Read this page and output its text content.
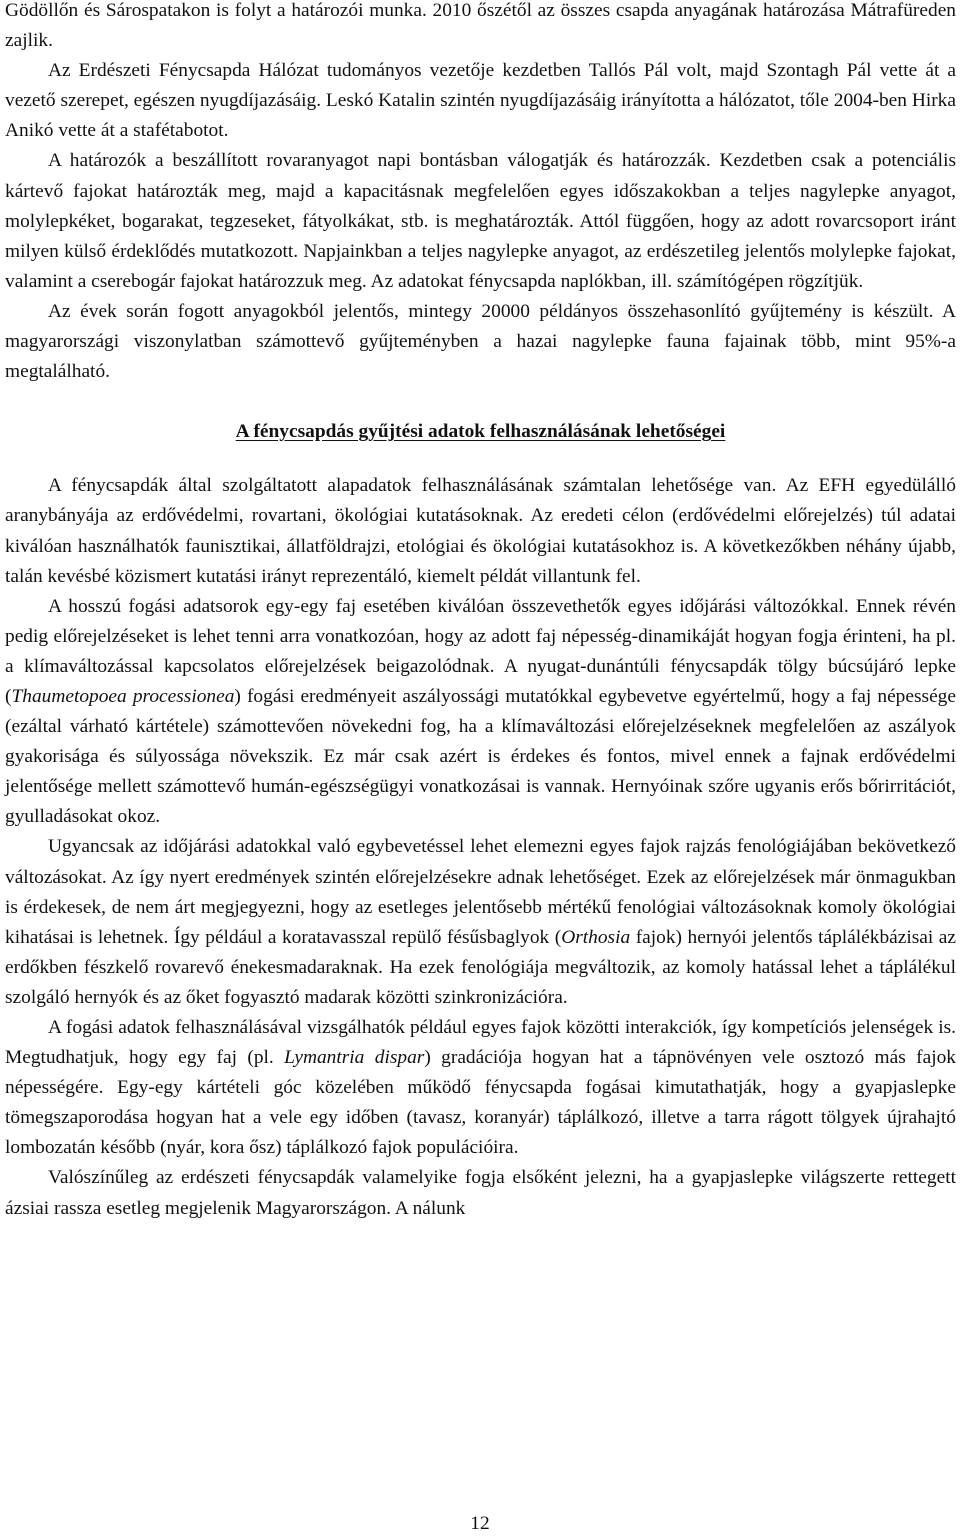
Gödöllőn és Sárospatakon is folyt a határozói munka. 2010 őszétől az összes csapda anyagának határozása Mátrafüreden zajlik.

Az Erdészeti Fénycsapda Hálózat tudományos vezetője kezdetben Tallós Pál volt, majd Szontagh Pál vette át a vezető szerepet, egészen nyugdíjazásáig. Leskó Katalin szintén nyugdíjazásáig irányította a hálózatot, tőle 2004-ben Hirka Anikó vette át a stafétabotot.

A határozók a beszállított rovaranyagot napi bontásban válogatják és határozzák. Kezdetben csak a potenciális kártevő fajokat határozták meg, majd a kapacitásnak megfelelően egyes időszakokban a teljes nagylepke anyagot, molylepkéket, bogarakat, tegzeseket, fátyolkákat, stb. is meghatározták. Attól függően, hogy az adott rovarcsoport iránt milyen külső érdeklődés mutatkozott. Napjainkban a teljes nagylepke anyagot, az erdészetileg jelentős molylepke fajokat, valamint a cserebogár fajokat határozzuk meg. Az adatokat fénycsapda naplókban, ill. számítógépen rögzítjük.

Az évek során fogott anyagokból jelentős, mintegy 20000 példányos összehasonlító gyűjtemény is készült. A magyarországi viszonylatban számottevő gyűjteményben a hazai nagylepke fauna fajainak több, mint 95%-a megtalálható.

A fénycsapdás gyűjtési adatok felhasználásának lehetőségei

A fénycsapdák által szolgáltatott alapadatok felhasználásának számtalan lehetősége van. Az EFH egyedülálló aranybányája az erdővédelmi, rovartani, ökológiai kutatásoknak. Az eredeti célon (erdővédelmi előrejelzés) túl adatai kiválóan használhatók faunisztikai, állatföldrajzi, etológiai és ökológiai kutatásokhoz is. A következőkben néhány újabb, talán kevésbé közismert kutatási irányt reprezentáló, kiemelt példát villantunk fel.

A hosszú fogási adatsorok egy-egy faj esetében kiválóan összevethetők egyes időjárási változókkal. Ennek révén pedig előrejelzéseket is lehet tenni arra vonatkozóan, hogy az adott faj népesség-dinamikáját hogyan fogja érinteni, ha pl. a klímaváltozással kapcsolatos előrejelzések beigazolódnak. A nyugat-dunántúli fénycsapdák tölgy búcsújáró lepke (Thaumetopoea processionea) fogási eredményeit aszályossági mutatókkal egybevetve egyértelmű, hogy a faj népessége (ezáltal várható kártétele) számottevően növekedni fog, ha a klímaváltozási előrejelzéseknek megfelelően az aszályok gyakorisága és súlyossága növekszik. Ez már csak azért is érdekes és fontos, mivel ennek a fajnak erdővédelmi jelentősége mellett számottevő humán-egészségügyi vonatkozásai is vannak. Hernyóinak szőre ugyanis erős bőrirritációt, gyulladásokat okoz.

Ugyancsak az időjárási adatokkal való egybevetéssel lehet elemezni egyes fajok rajzás fenológiájában bekövetkező változásokat. Az így nyert eredmények szintén előrejelzésekre adnak lehetőséget. Ezek az előrejelzések már önmagukban is érdekesek, de nem árt megjegyezni, hogy az esetleges jelentősebb mértékű fenológiai változásoknak komoly ökológiai kihatásai is lehetnek. Így például a koratavasszal repülő fésűsbaglyok (Orthosia fajok) hernyói jelentős táplálékbázisai az erdőkben fészkelő rovarevő énekesmadaraknak. Ha ezek fenológiája megváltozik, az komoly hatással lehet a táplálékul szolgáló hernyók és az őket fogyasztó madarak közötti szinkronizációra.

A fogási adatok felhasználásával vizsgálhatók például egyes fajok közötti interakciók, így kompetíciós jelenségek is. Megtudhatjuk, hogy egy faj (pl. Lymantria dispar) gradációja hogyan hat a tápnövényen vele osztozó más fajok népességére. Egy-egy kártételi góc közelében működő fénycsapda fogásai kimutathatják, hogy a gyapjaslepke tömegszaporodása hogyan hat a vele egy időben (tavasz, koranyár) táplálkozó, illetve a tarra rágott tölgyek újrahajtó lombozatán később (nyár, kora ősz) táplálkozó fajok populációira.

Valószínűleg az erdészeti fénycsapdák valamelyike fogja elsőként jelezni, ha a gyapjaslepke világszerte rettegett ázsiai rassza esetleg megjelenik Magyarországon. A nálunk

12
